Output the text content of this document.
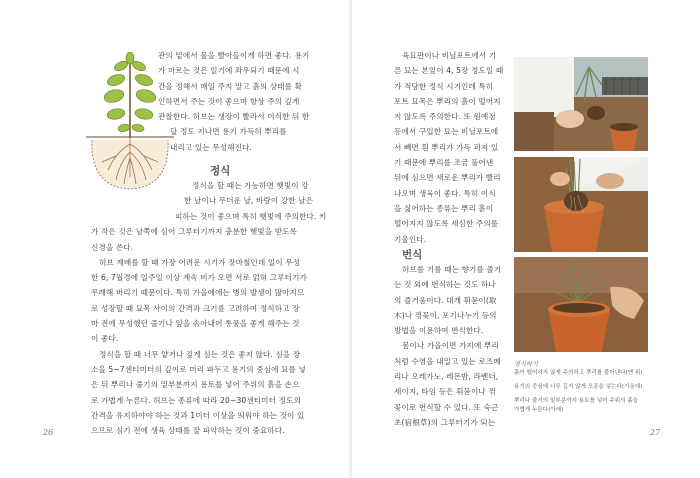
관의 밑에서 물을 빨아들이게 하면 좋다. 용기
가 마르는 것은 일기에 좌우되기 때문에 시
간을 정해서 매일 주지 말고 흙의 상태를 확
인하면서 주는 것이 좋으며 항상 주의 깊게
관찰한다. 허브는 생장이 빨라서 이식한 뒤 한
달 정도 지나면 용기 가득히 뿌리를
내리고 있는 무성해진다.
정식
정식을 할 때는 가능하면 햇빛이 강
한 날이나 무더운 날, 바람이 강한 날은
피하는 것이 좋으며 특히 햇빛에 주의한다. 키
가 작은 것은 남쪽에 심어 그루터기까지 충분한 햇빛을 받도록
신경을 쓴다.
허브 재배를 할 때 가장 어려운 시기가 장마철인데 일이 무성
한 6, 7월경에 일주일 이상 계속 비가 오면 서로 얽혀 그루터기가
무례해 버리기 때문이다. 특히 가을에에는 병의 발생이 많아지므
로 성장할 때 묘목 사이의 간격과 크기를 고려하여 정식하고 장
마 전에 무성했던 줄기나 잎을 솎아내어 통풍을 좋게 해주는 것
이 좋다.
정식을 할 때 너무 얕거나 깊게 심는 것은 좋지 않다. 심을 장
소을 5~7센티미터의 깊이로 미리 파두고 용기의 중심에 묘를 넣
은 뒤 뿌리나 줄기의 밑부분까지 용토를 넣어 주위의 흙을 손으
로 가볍게 누른다. 허브는 종류에 따라 20~30센티미터 정도의
간격을 유지하야야 하는 것과 1미터 이상을 띄워야 하는 것이 있
으므로 심기 전에 생육 상태를 잘 파악하는 것이 중요하다.
26
육묘판이나 비닐포트에서 기
른 묘는 본잎이 4, 5장 정도일 때
가 적당한 정식 시기인데 특히
포트 묘목은 뿌리의 흙이 떨어지
지 않도록 주의한다. 또 원예점
등에서 구입한 묘는 비닐포트에
서 빼면 흰 뿌리가 가득 퍼져 있
기 때문에 뿌리를 조금 풀어낸
뒤에 심으면 새로운 뿌리가 빨리
나오며 생육이 좋다. 특히 이식
을 싫어하는 종류는 뿌리 흙이
떨어지지 않도록 세심한 주의를
기울인다.
번식
허브를 기를 때는 향기를 즐기
는 것 외에 번식하는 것도 하나
의 즐거움이다. 대개 휘묻이(取
木)나 꺾꽂이, 포기나누기 등의
방법을 이용하여 번식한다.
봄이나 가을이면 가지에 뿌리
처럼 수염을 내밀고 있는 로즈메
리나 오레가노, 레몬밤, 라벤더,
세이지, 타임 등은 휘묻이나 꺾
꽂이로 번식할 수 있다. 또 숙근
초(宿根草)의 그루터기가 되는
정식하기
흙이 떨어지지 않게 주의하고 뿌리를 풀어낸다(맨 위)
용기의 중심에 너무 깊지 않게 모종을 넣는다(가운데)
뿌리나 줄기의 밑부분까지 용토를 넣어 주위의 흙을
가볍게 누른다(아래)
27
